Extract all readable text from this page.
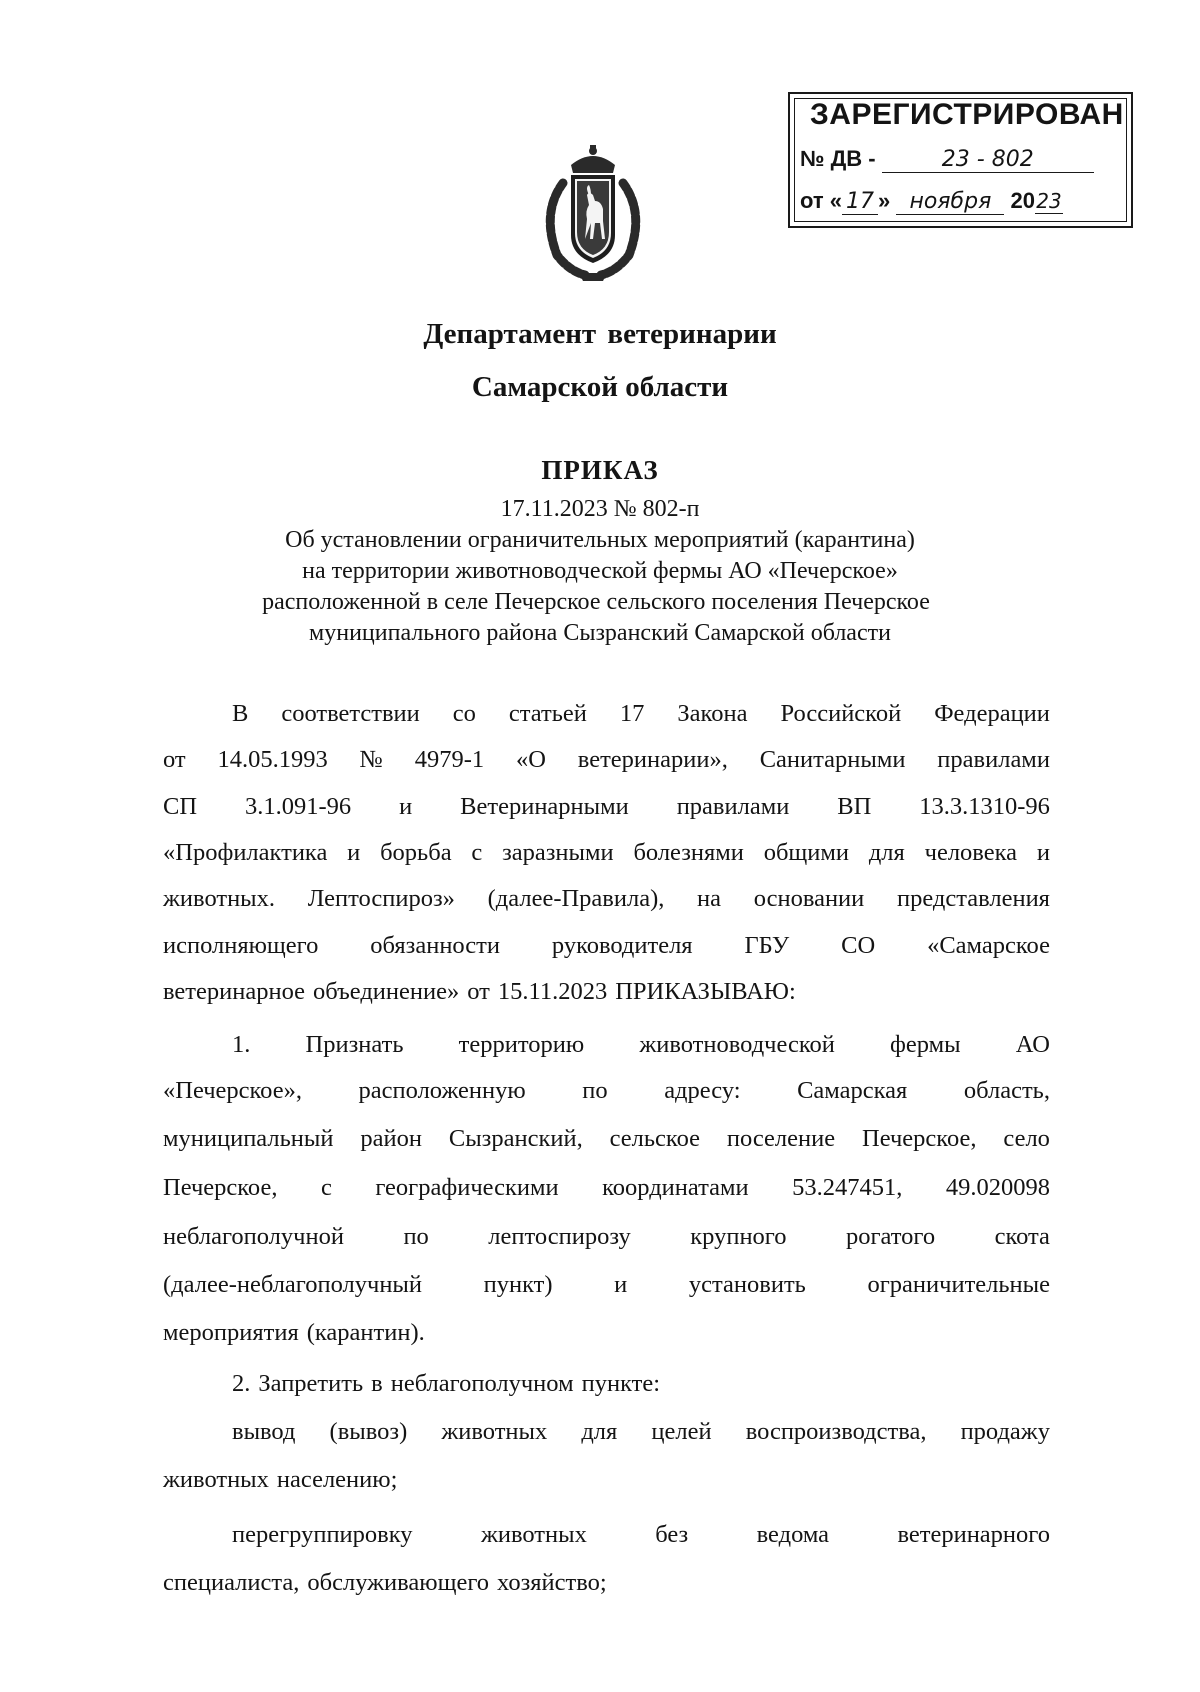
ЗАРЕГИСТРИРОВАН
№ ДВ -	23 - 802
от « 17 » ноября 2023
Департамент ветеринарии
Самарской области
ПРИКАЗ
17.11.2023 № 802-п
Об установлении ограничительных мероприятий (карантина)
на территории животноводческой фермы АО «Печерское»
расположенной в селе Печерское сельского поселения Печерское
муниципального района Сызранский Самарской области
В соответствии со статьей 17 Закона Российской Федерации
от 14.05.1993 № 4979-1 «О ветеринарии», Санитарными правилами
СП 3.1.091-96 и Ветеринарными правилами ВП 13.3.1310-96
«Профилактика и борьба с заразными болезнями общими для человека и
животных. Лептоспироз» (далее-Правила), на основании представления
исполняющего обязанности руководителя ГБУ СО «Самарское
ветеринарное объединение» от 15.11.2023 ПРИКАЗЫВАЮ:
1. Признать территорию животноводческой фермы АО
«Печерское», расположенную по адресу: Самарская область,
муниципальный район Сызранский, сельское поселение Печерское, село
Печерское, с географическими координатами 53.247451, 49.020098
неблагополучной по лептоспирозу крупного рогатого скота
(далее-неблагополучный	пункт)	и	установить	ограничительные
мероприятия (карантин).
2. Запретить в неблагополучном пункте:
вывод (вывоз) животных для целей воспроизводства, продажу
животных населению;
перегруппировку	животных	без	ведома	ветеринарного
специалиста, обслуживающего хозяйство;
